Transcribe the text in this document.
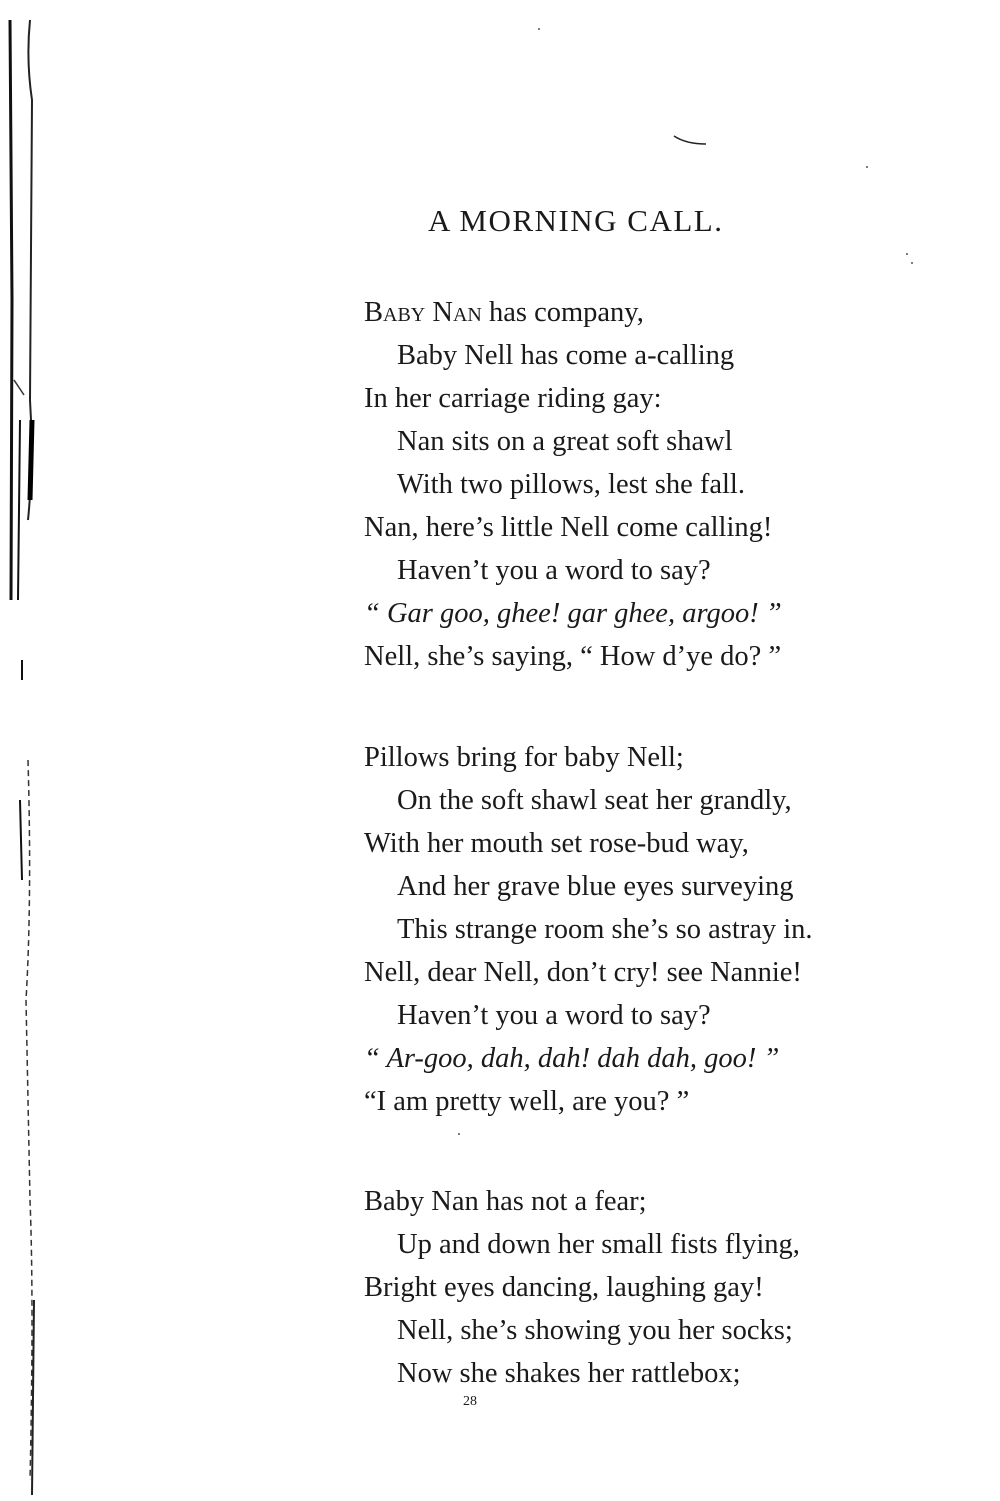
A MORNING CALL.
Baby Nan has company,
Baby Nell has come a-calling
In her carriage riding gay:
Nan sits on a great soft shawl
With two pillows, lest she fall.
Nan, here’s little Nell come calling!
Haven’t you a word to say?
“ Gar goo, ghee! gar ghee, argoo! ”
Nell, she’s saying, “ How d’ye do? ”
Pillows bring for baby Nell;
On the soft shawl seat her grandly,
With her mouth set rose-bud way,
And her grave blue eyes surveying
This strange room she’s so astray in.
Nell, dear Nell, don’t cry! see Nannie!
Haven’t you a word to say?
“ Ar-goo, dah, dah! dah dah, goo! ”
“I am pretty well, are you? ”
Baby Nan has not a fear;
Up and down her small fists flying,
Bright eyes dancing, laughing gay!
Nell, she’s showing you her socks;
Now she shakes her rattlebox;
28
